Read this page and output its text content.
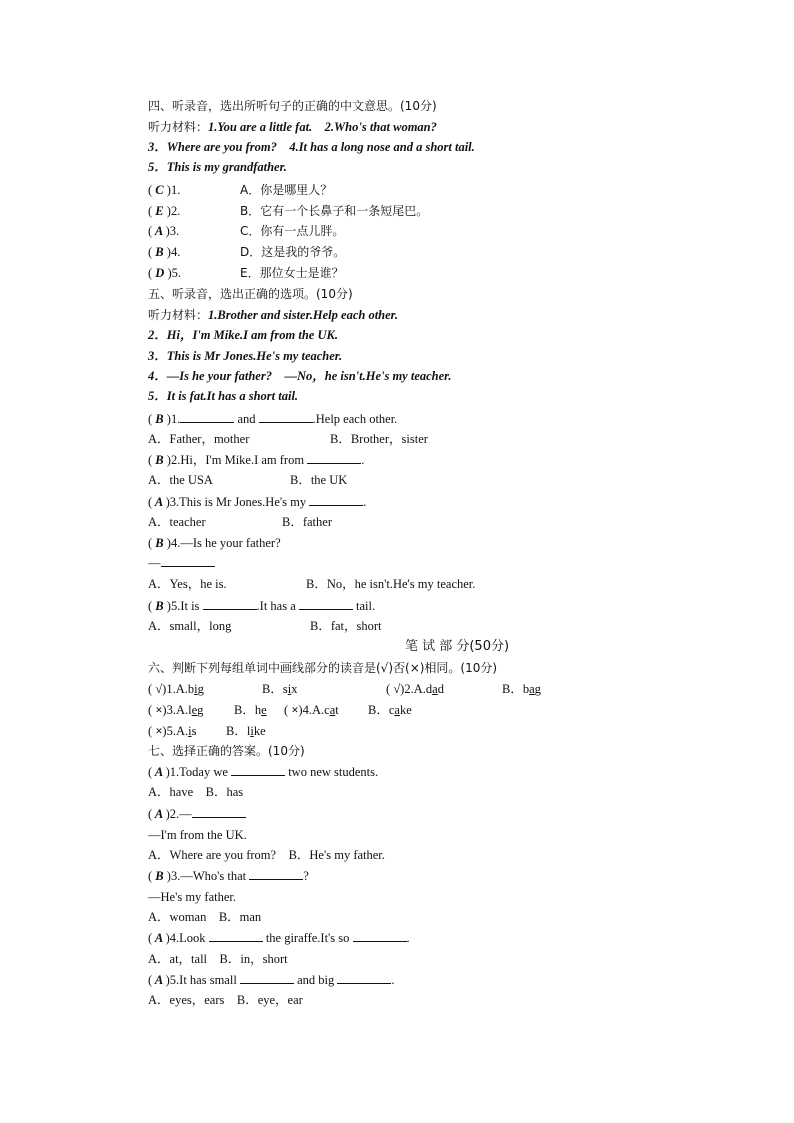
四、听录音，选出所听句子的正确的中文意思。(10分)
听力材料：1.You are a little fat.    2.Who's that woman?
3．Where are you from?    4.It has a long nose and a short tail.
5．This is my grandfather.
( C )1.	A．你是哪里人？
( E )2.	B．它有一个长鼻子和一条短尾巴。
( A )3.	C．你有一点儿胖。
( B )4.	D．这是我的爷爷。
( D )5.	E．那位女士是谁？
五、听录音，选出正确的选项。(10分)
听力材料：1.Brother and sister.Help each other.
2．Hi，I'm Mike.I am from the UK.
3．This is Mr Jones.He's my teacher.
4．—Is he your father?    —No，he isn't.He's my teacher.
5．It is fat.It has a short tail.
( B )1.	and	.Help each other.
A．Father，mother	B．Brother，sister
( B )2.Hi，I'm Mike.I am from	.
A．the USA	B．the UK
( A )3.This is Mr Jones.He's my	.
A．teacher	B．father
( B )4.—Is he your father?
—
A．Yes，he is.	B．No，he isn't.He's my teacher.
( B )5.It is	.It has a	tail.
A．small，long	B．fat，short
笔 试 部 分(50分)
六、判断下列每组单词中画线部分的读音是(√)否(×)相同。(10分)
( √)1.A.big	B．six	( √)2.A.dad	B．bag
( ×)3.A.leg B．he ( ×)4.A.cat B．cake
( ×)5.A.is B．like
七、选择正确的答案。(10分)
( A )1.Today we	two new students.
A．have    B．has
( A )2.—
—I'm from the UK.
A．Where are you from?    B．He's my father.
( B )3.—Who's that	?
—He's my father.
A．woman    B．man
( A )4.Look	the giraffe.It's so	.
A．at，tall    B．in，short
( A )5.It has small	and big	.
A．eyes，ears    B．eye，ear
